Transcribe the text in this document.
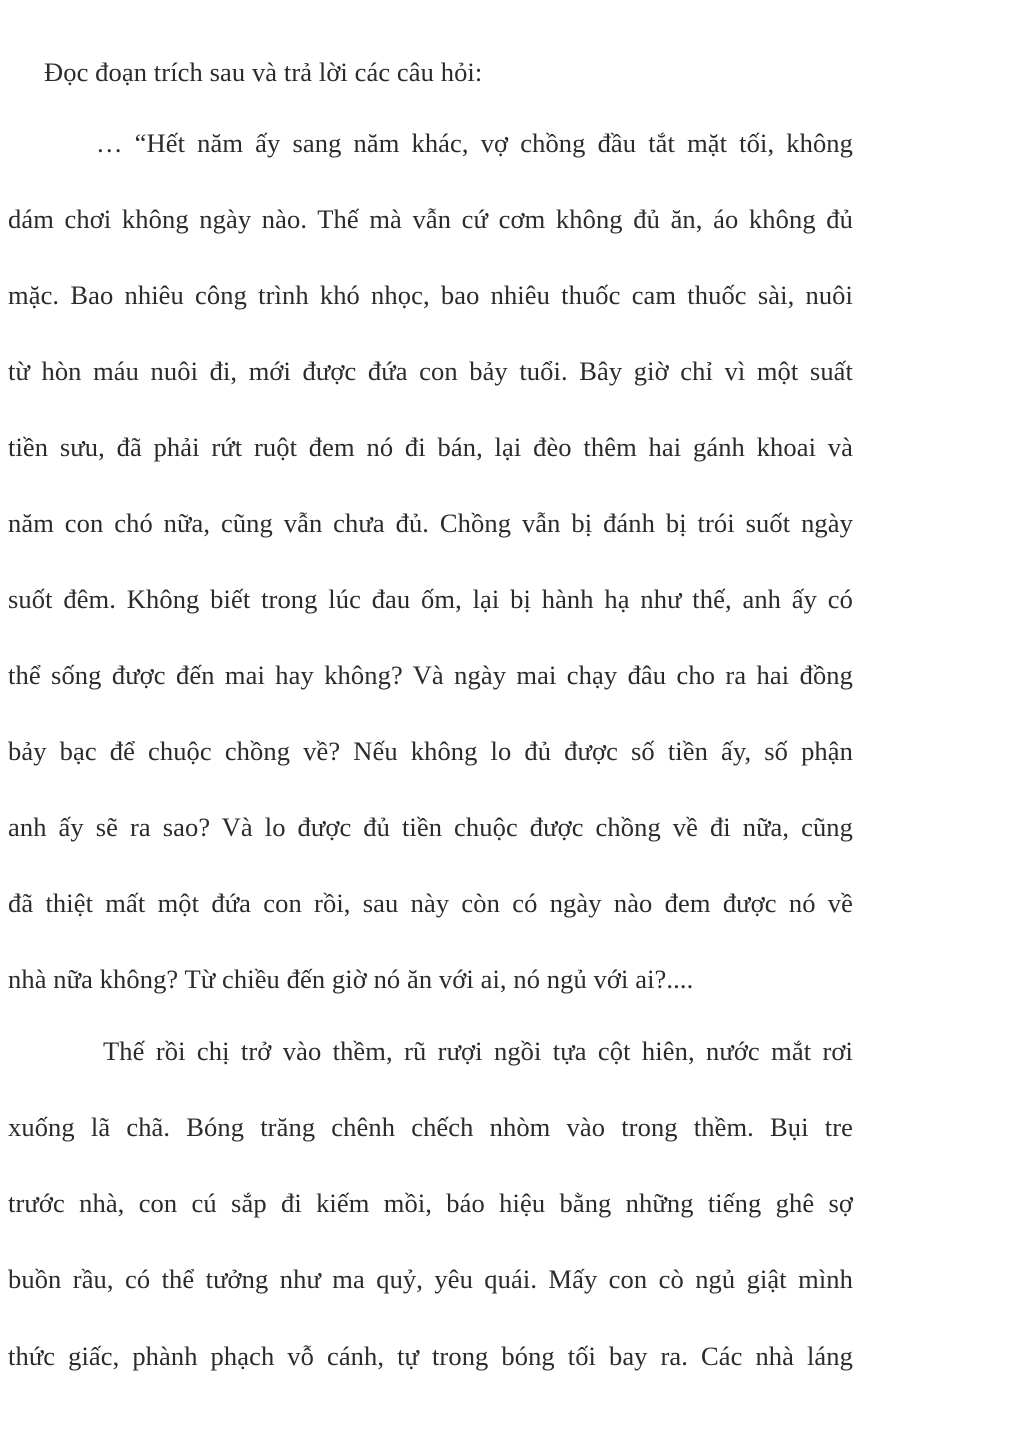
Đọc đoạn trích sau và trả lời các câu hỏi:
… “Hết năm ấy sang năm khác, vợ chồng đầu tắt mặt tối, không
dám chơi không ngày nào. Thế mà vẫn cứ cơm không đủ ăn, áo không đủ
mặc. Bao nhiêu công trình khó nhọc, bao nhiêu thuốc cam thuốc sài, nuôi
từ hòn máu nuôi đi, mới được đứa con bảy tuổi. Bây giờ chỉ vì một suất
tiền sưu, đã phải rứt ruột đem nó đi bán, lại đèo thêm hai gánh khoai và
năm con chó nữa, cũng vẫn chưa đủ. Chồng vẫn bị đánh bị trói suốt ngày
suốt đêm. Không biết trong lúc đau ốm, lại bị hành hạ như thế, anh ấy có
thể sống được đến mai hay không? Và ngày mai chạy đâu cho ra hai đồng
bảy bạc để chuộc chồng về? Nếu không lo đủ được số tiền ấy, số phận
anh ấy sẽ ra sao? Và lo được đủ tiền chuộc được chồng về đi nữa, cũng
đã thiệt mất một đứa con rồi, sau này còn có ngày nào đem được nó về
nhà nữa không? Từ chiều đến giờ nó ăn với ai, nó ngủ với ai?....
Thế rồi chị trở vào thềm, rũ rượi ngồi tựa cột hiên, nước mắt rơi
xuống lã chã. Bóng trăng chênh chếch nhòm vào trong thềm. Bụi tre
trước nhà, con cú sắp đi kiếm mồi, báo hiệu bằng những tiếng ghê sợ
buồn rầu, có thể tưởng như ma quỷ, yêu quái. Mấy con cò ngủ giật mình
thức giấc, phành phạch vỗ cánh, tự trong bóng tối bay ra. Các nhà láng
